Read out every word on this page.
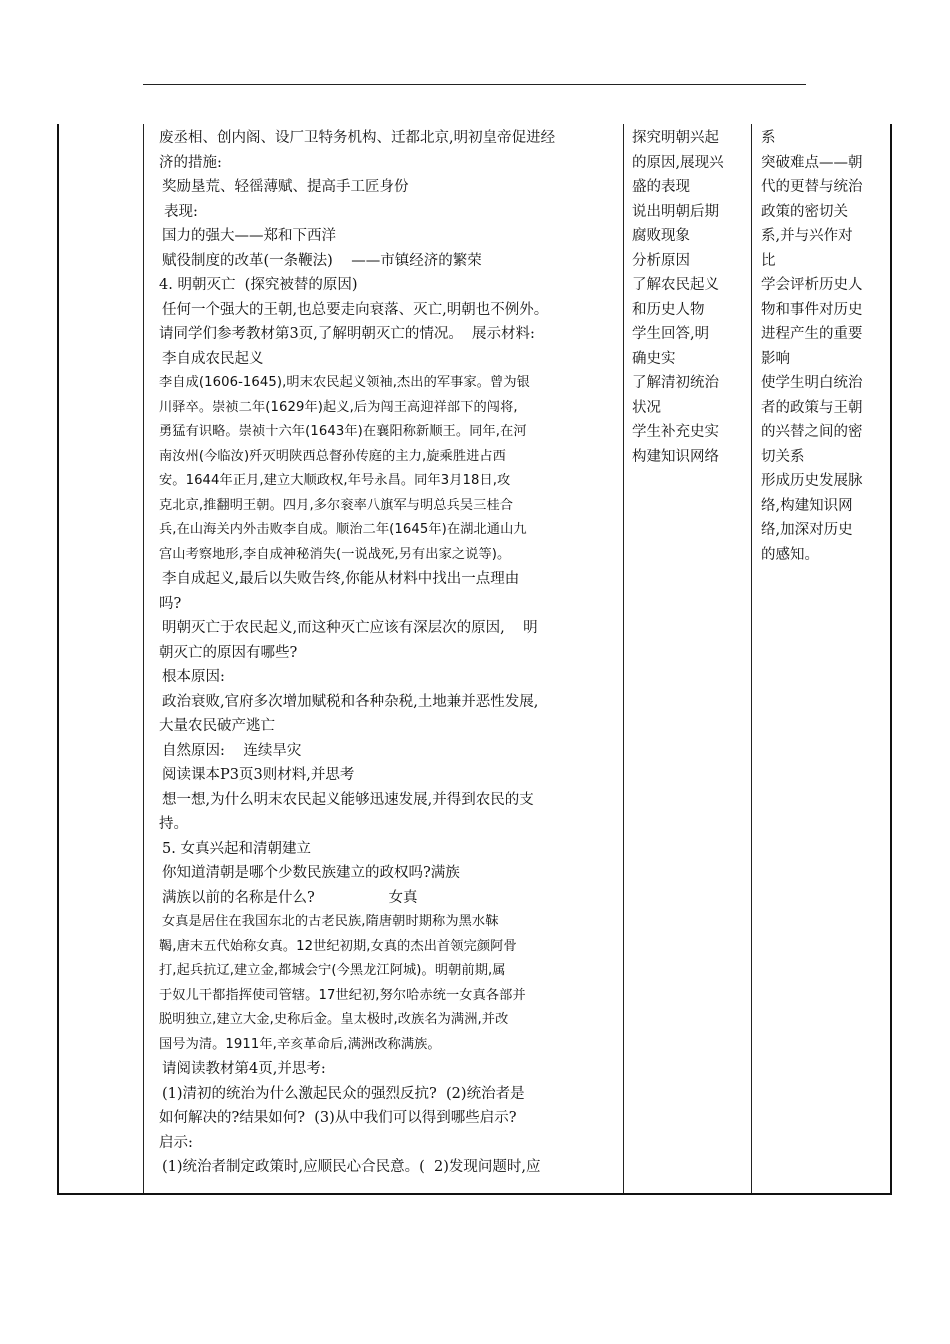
废丞相、创内阁、设厂卫特务机构、迁都北京,明初皇帝促进经

济的措施:

奖励垦荒、轻徭薄赋、提高手工匠身份

表现:

国力的强大——郑和下西洋

赋役制度的改革(一条鞭法)    ——市镇经济的繁荣

4. 明朝灭亡  (探究被替的原因)

任何一个强大的王朝,也总要走向衰落、灭亡,明朝也不例外。

请同学们参考教材第3页,了解明朝灭亡的情况。  展示材料:

李自成农民起义

李自成(1606-1645),明末农民起义领袖,杰出的军事家。曾为银

川驿卒。崇祯二年(1629年)起义,后为闯王高迎祥部下的闯将,

勇猛有识略。崇祯十六年(1643年)在襄阳称新顺王。同年,在河

南汝州(今临汝)歼灭明陕西总督孙传庭的主力,旋乘胜进占西

安。1644年正月,建立大顺政权,年号永昌。同年3月18日,攻

克北京,推翻明王朝。四月,多尔衮率八旗军与明总兵吴三桂合

兵,在山海关内外击败李自成。顺治二年(1645年)在湖北通山九

宫山考察地形,李自成神秘消失(一说战死,另有出家之说等)。

李自成起义,最后以失败告终,你能从材料中找出一点理由

吗?

明朝灭亡于农民起义,而这种灭亡应该有深层次的原因,    明

朝灭亡的原因有哪些?

根本原因:

政治衰败,官府多次增加赋税和各种杂税,土地兼并恶性发展,

大量农民破产逃亡

自然原因:    连续旱灾

阅读课本P3页3则材料,并思考

想一想,为什么明末农民起义能够迅速发展,并得到农民的支

持。

5. 女真兴起和清朝建立

你知道清朝是哪个少数民族建立的政权吗?满族

满族以前的名称是什么?                女真

女真是居住在我国东北的古老民族,隋唐朝时期称为黑水靺

鞨,唐末五代始称女真。12世纪初期,女真的杰出首领完颜阿骨

打,起兵抗辽,建立金,都城会宁(今黑龙江阿城)。明朝前期,属

于奴儿干都指挥使司管辖。17世纪初,努尔哈赤统一女真各部并

脱明独立,建立大金,史称后金。皇太极时,改族名为满洲,并改

国号为清。1911年,辛亥革命后,满洲改称满族。

请阅读教材第4页,并思考:

(1)清初的统治为什么激起民众的强烈反抗?  (2)统治者是

如何解决的?结果如何?  (3)从中我们可以得到哪些启示?

启示:

(1)统治者制定政策时,应顺民心合民意。(  2)发现问题时,应

探究明朝兴起

的原因,展现兴

盛的表现

说出明朝后期

腐败现象

分析原因

了解农民起义

和历史人物

学生回答,明

确史实

了解清初统治

状况

学生补充史实

构建知识网络

系

突破难点——朝

代的更替与统治

政策的密切关

系,并与兴作对

比

学会评析历史人

物和事件对历史

进程产生的重要

影响

使学生明白统治

者的政策与王朝

的兴替之间的密

切关系

形成历史发展脉

络,构建知识网

络,加深对历史

的感知。
